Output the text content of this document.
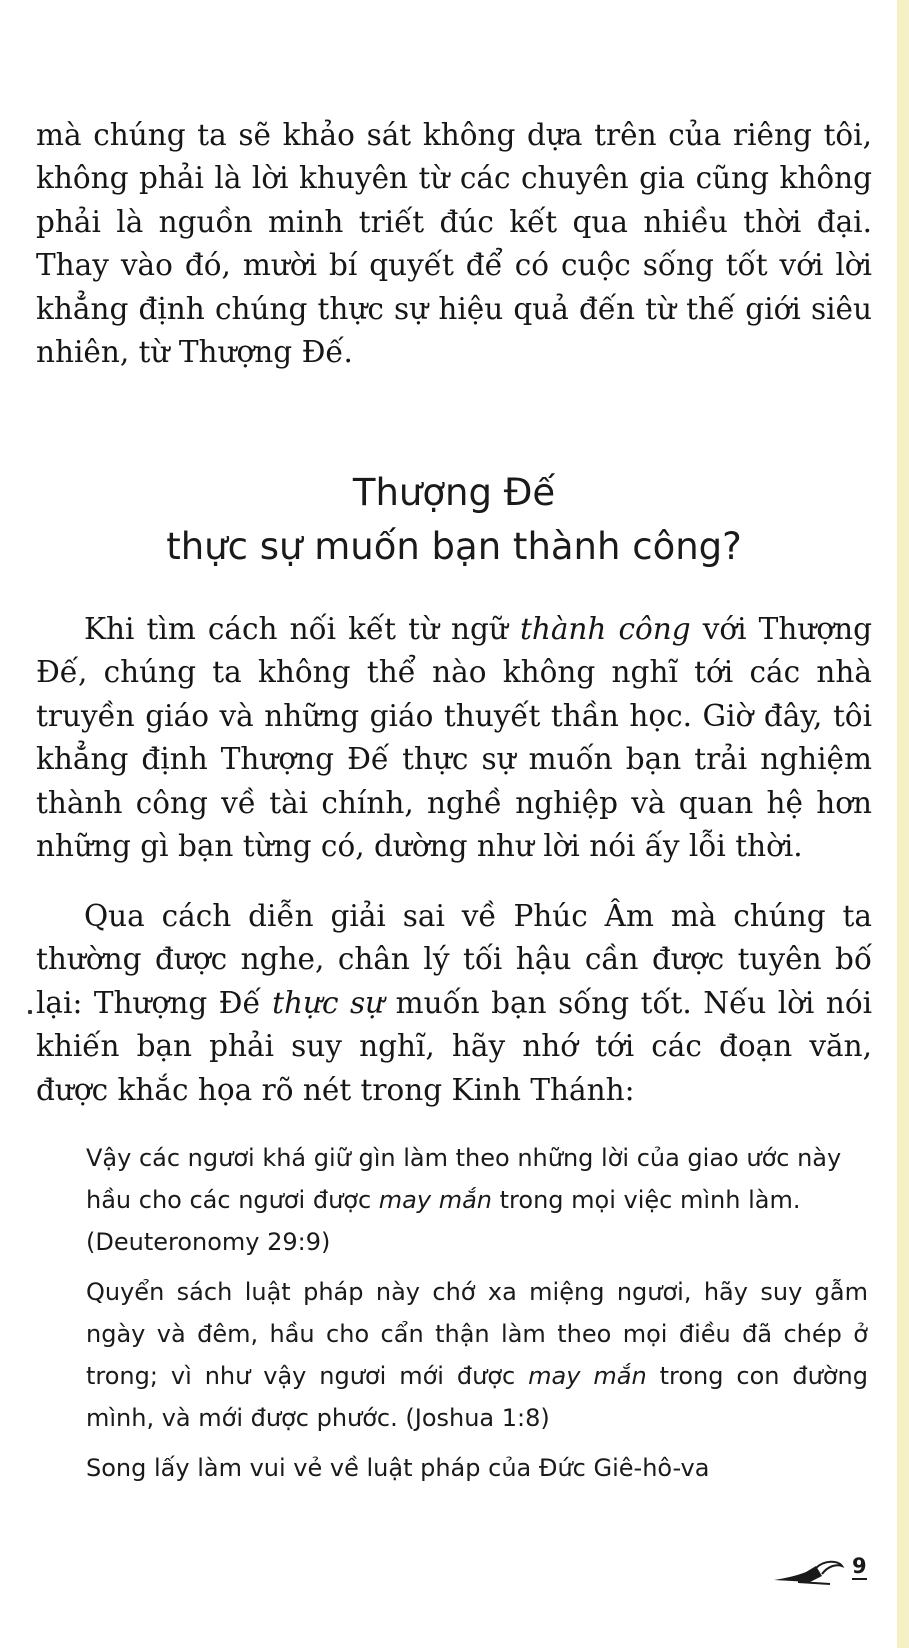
mà chúng ta sẽ khảo sát không dựa trên của riêng tôi, không phải là lời khuyên từ các chuyên gia cũng không phải là nguồn minh triết đúc kết qua nhiều thời đại. Thay vào đó, mười bí quyết để có cuộc sống tốt với lời khẳng định chúng thực sự hiệu quả đến từ thế giới siêu nhiên, từ Thượng Đế.

Thượng Đế
thực sự muốn bạn thành công?

Khi tìm cách nối kết từ ngữ thành công với Thượng Đế, chúng ta không thể nào không nghĩ tới các nhà truyền giáo và những giáo thuyết thần học. Giờ đây, tôi khẳng định Thượng Đế thực sự muốn bạn trải nghiệm thành công về tài chính, nghề nghiệp và quan hệ hơn những gì bạn từng có, dường như lời nói ấy lỗi thời.

Qua cách diễn giải sai về Phúc Âm mà chúng ta thường được nghe, chân lý tối hậu cần được tuyên bố lại: Thượng Đế thực sự muốn bạn sống tốt. Nếu lời nói khiến bạn phải suy nghĩ, hãy nhớ tới các đoạn văn, được khắc họa rõ nét trong Kinh Thánh:

Vậy các ngươi khá giữ gìn làm theo những lời của giao ước này hầu cho các ngươi được may mắn trong mọi việc mình làm. (Deuteronomy 29:9)

Quyển sách luật pháp này chớ xa miệng ngươi, hãy suy gẫm ngày và đêm, hầu cho cẩn thận làm theo mọi điều đã chép ở trong; vì như vậy ngươi mới được may mắn trong con đường mình, và mới được phước. (Joshua 1:8)

Song lấy làm vui vẻ về luật pháp của Đức Giê-hô-va

9
